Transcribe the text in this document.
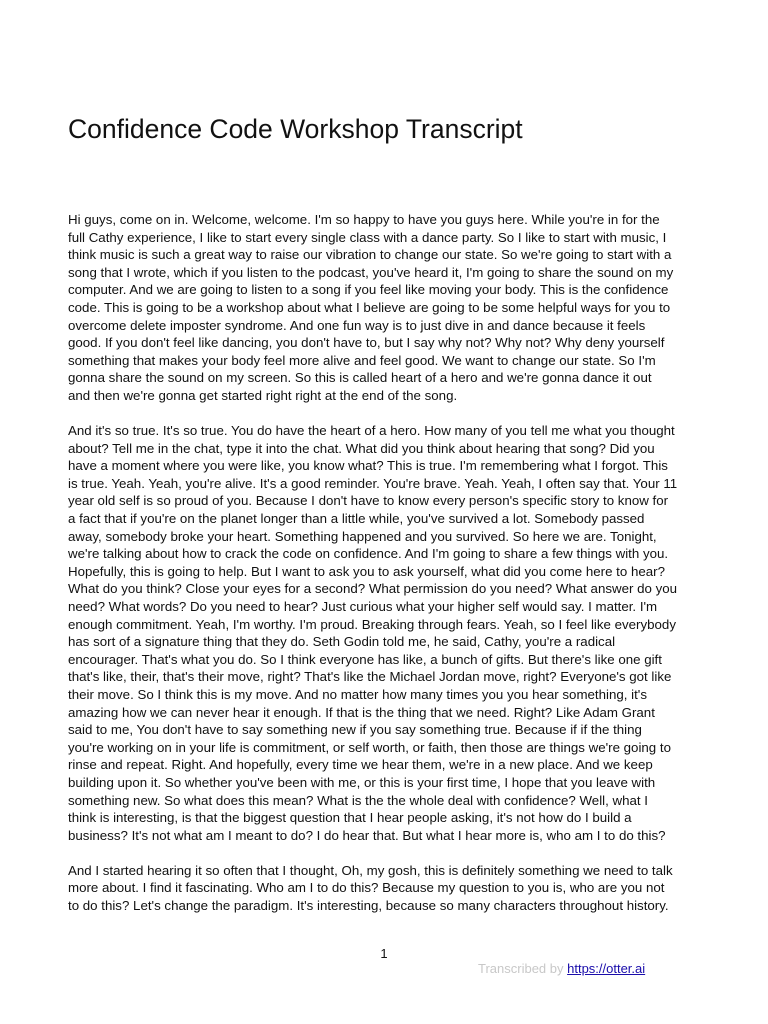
Confidence Code Workshop Transcript

Hi guys, come on in. Welcome, welcome. I'm so happy to have you guys here. While you're in for the
full Cathy experience, I like to start every single class with a dance party. So I like to start with music, I
think music is such a great way to raise our vibration to change our state. So we're going to start with a
song that I wrote, which if you listen to the podcast, you've heard it, I'm going to share the sound on my
computer. And we are going to listen to a song if you feel like moving your body. This is the confidence
code. This is going to be a workshop about what I believe are going to be some helpful ways for you to
overcome delete imposter syndrome. And one fun way is to just dive in and dance because it feels
good. If you don't feel like dancing, you don't have to, but I say why not? Why not? Why deny yourself
something that makes your body feel more alive and feel good. We want to change our state. So I'm
gonna share the sound on my screen. So this is called heart of a hero and we're gonna dance it out
and then we're gonna get started right right at the end of the song.

And it's so true. It's so true. You do have the heart of a hero. How many of you tell me what you thought
about? Tell me in the chat, type it into the chat. What did you think about hearing that song? Did you
have a moment where you were like, you know what? This is true. I'm remembering what I forgot. This
is true. Yeah. Yeah, you're alive. It's a good reminder. You're brave. Yeah. Yeah, I often say that. Your 11
year old self is so proud of you. Because I don't have to know every person's specific story to know for
a fact that if you're on the planet longer than a little while, you've survived a lot. Somebody passed
away, somebody broke your heart. Something happened and you survived. So here we are. Tonight,
we're talking about how to crack the code on confidence. And I'm going to share a few things with you.
Hopefully, this is going to help. But I want to ask you to ask yourself, what did you come here to hear?
What do you think? Close your eyes for a second? What permission do you need? What answer do you
need? What words? Do you need to hear? Just curious what your higher self would say. I matter. I'm
enough commitment. Yeah, I'm worthy. I'm proud. Breaking through fears. Yeah, so I feel like everybody
has sort of a signature thing that they do. Seth Godin told me, he said, Cathy, you're a radical
encourager. That's what you do. So I think everyone has like, a bunch of gifts. But there's like one gift
that's like, their, that's their move, right? That's like the Michael Jordan move, right? Everyone's got like
their move. So I think this is my move. And no matter how many times you you hear something, it's
amazing how we can never hear it enough. If that is the thing that we need. Right? Like Adam Grant
said to me, You don't have to say something new if you say something true. Because if if the thing
you're working on in your life is commitment, or self worth, or faith, then those are things we're going to
rinse and repeat. Right. And hopefully, every time we hear them, we're in a new place. And we keep
building upon it. So whether you've been with me, or this is your first time, I hope that you leave with
something new. So what does this mean? What is the the whole deal with confidence? Well, what I
think is interesting, is that the biggest question that I hear people asking, it's not how do I build a
business? It's not what am I meant to do? I do hear that. But what I hear more is, who am I to do this?

And I started hearing it so often that I thought, Oh, my gosh, this is definitely something we need to talk
more about. I find it fascinating. Who am I to do this? Because my question to you is, who are you not
to do this? Let's change the paradigm. It's interesting, because so many characters throughout history.

1
Transcribed by https://otter.ai
